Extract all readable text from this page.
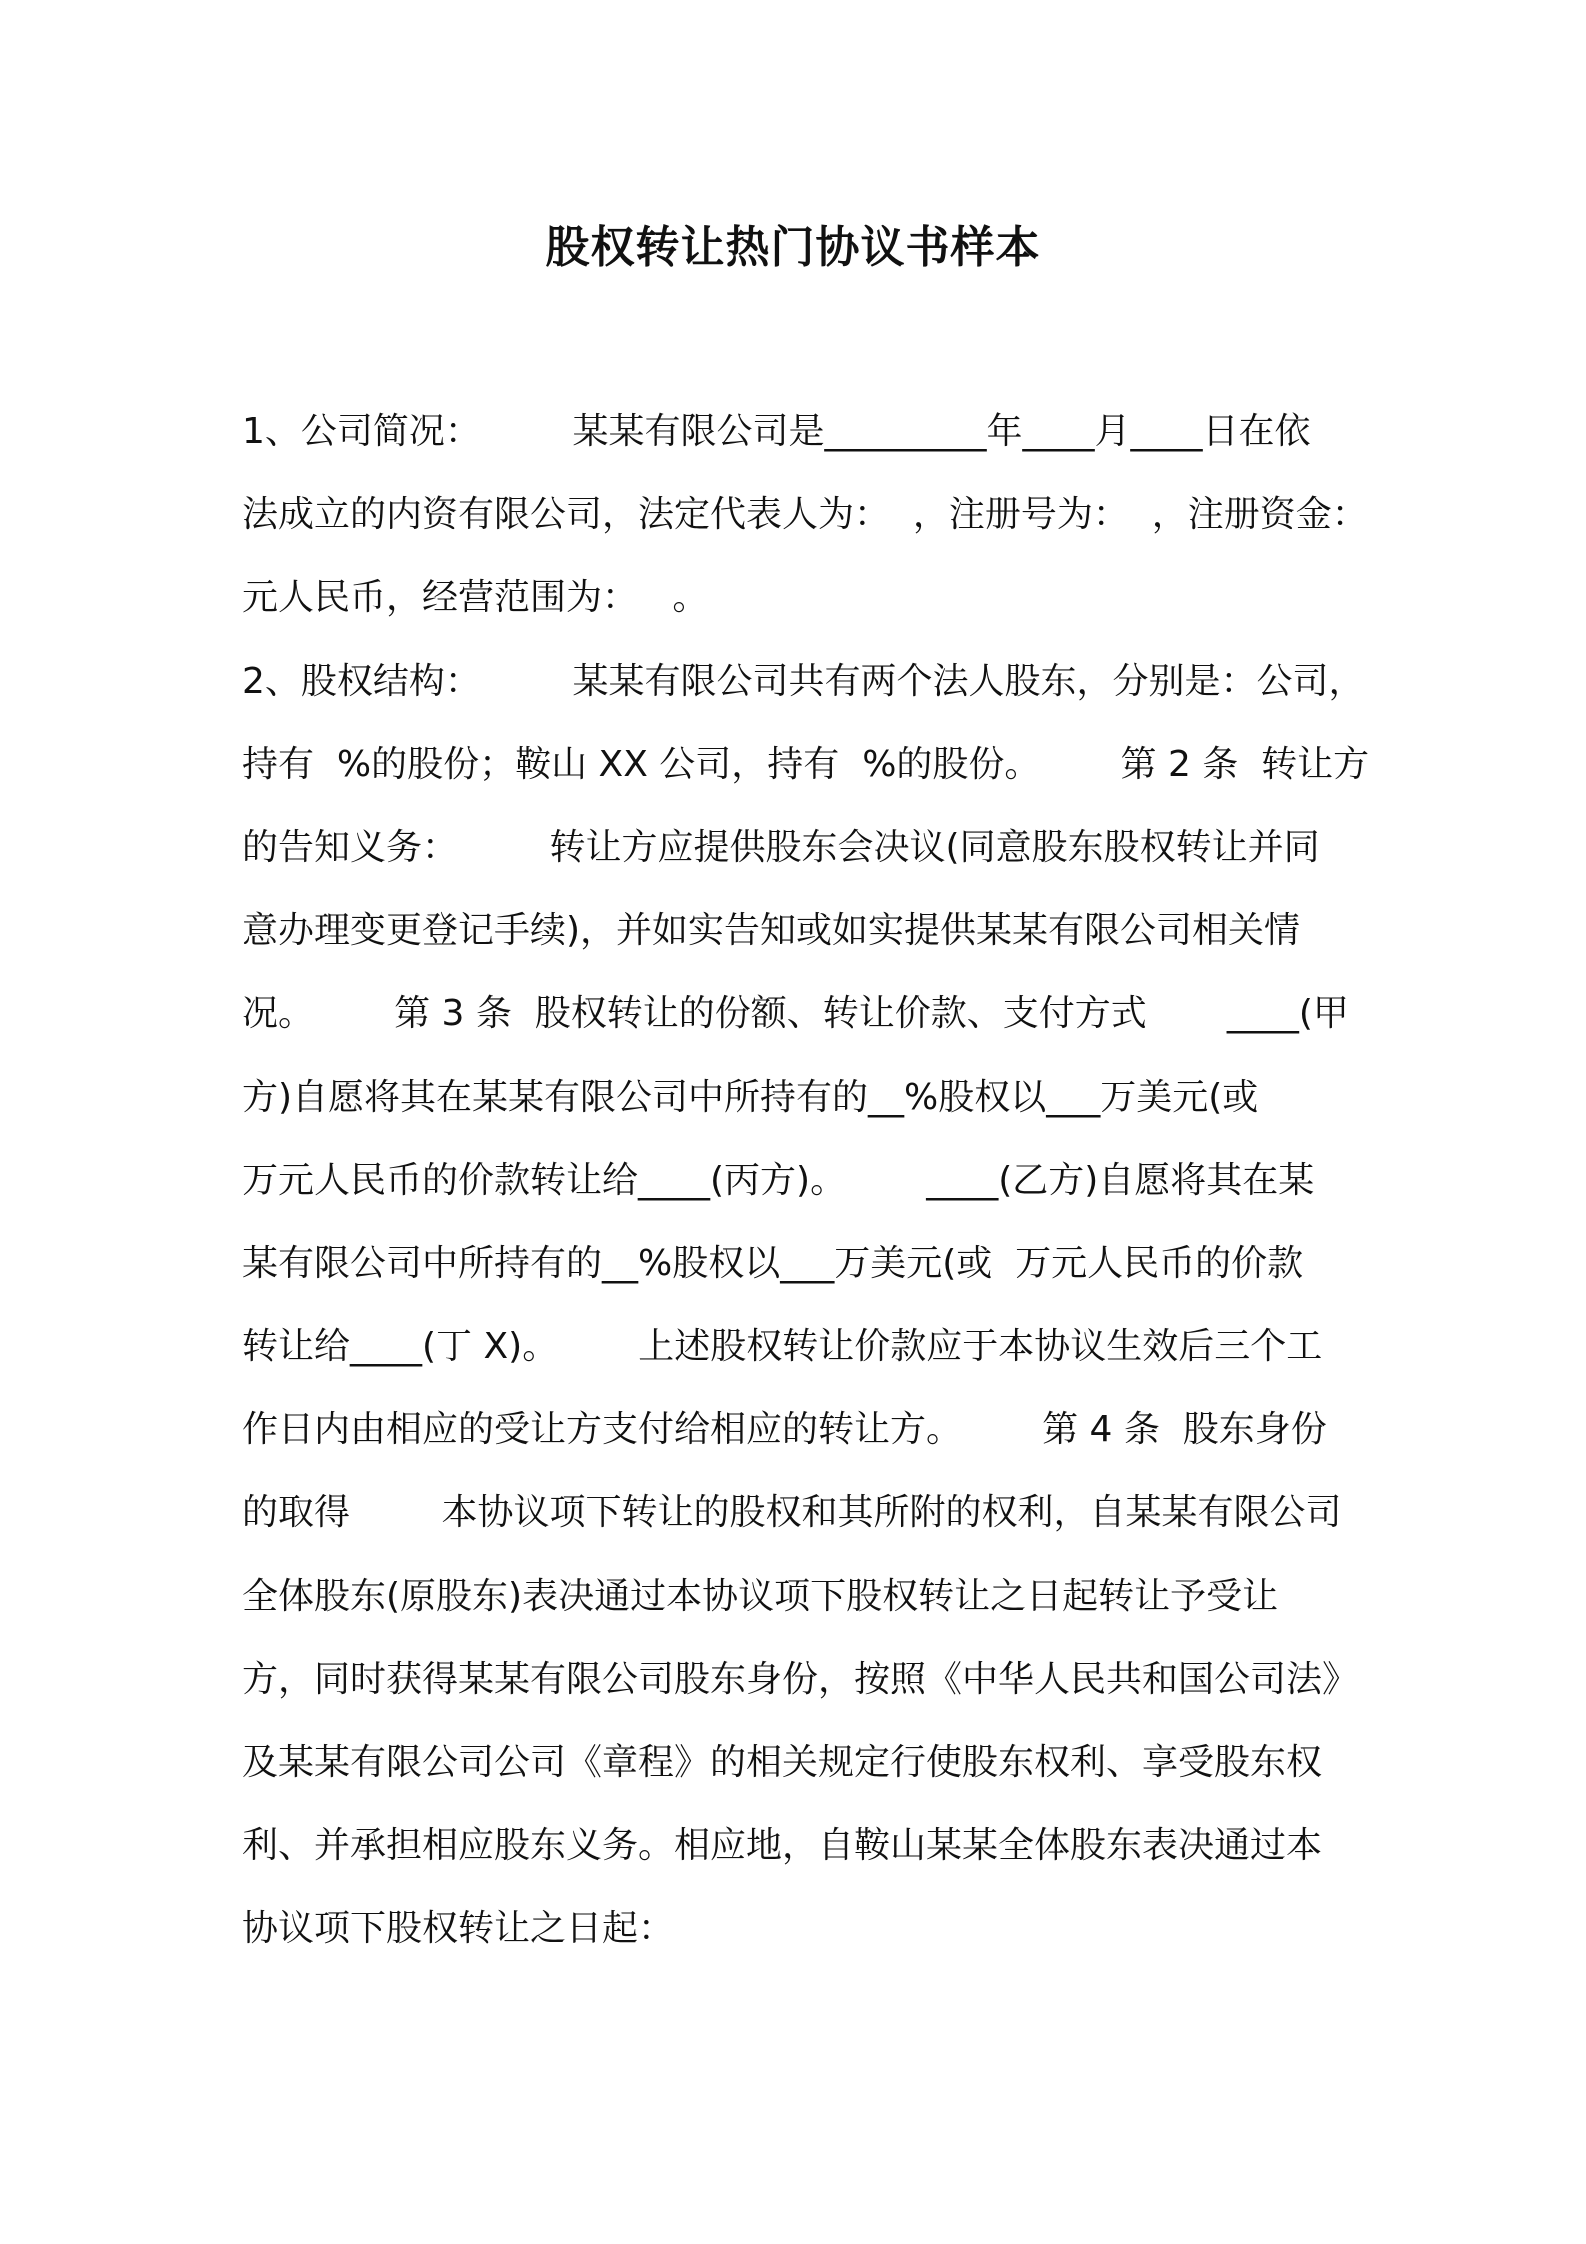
股权转让热门协议书样本
1、公司简况：        某某有限公司是_________年____月____日在依
法成立的内资有限公司，法定代表人为：  ，注册号为：  ，注册资金：
元人民币，经营范围为：   。
2、股权结构：        某某有限公司共有两个法人股东，分别是：公司，
持有  %的股份；鞍山 XX 公司，持有  %的股份。       第 2 条  转让方
的告知义务：        转让方应提供股东会决议(同意股东股权转让并同
意办理变更登记手续)，并如实告知或如实提供某某有限公司相关情
况。       第 3 条  股权转让的份额、转让价款、支付方式       ____(甲
方)自愿将其在某某有限公司中所持有的__%股权以___万美元(或
万元人民币的价款转让给____(丙方)。       ____(乙方)自愿将其在某
某有限公司中所持有的__%股权以___万美元(或  万元人民币的价款
转让给____(丁 X)。       上述股权转让价款应于本协议生效后三个工
作日内由相应的受让方支付给相应的转让方。       第 4 条  股东身份
的取得        本协议项下转让的股权和其所附的权利，自某某有限公司
全体股东(原股东)表决通过本协议项下股权转让之日起转让予受让
方，同时获得某某有限公司股东身份，按照《中华人民共和国公司法》
及某某有限公司公司《章程》的相关规定行使股东权利、享受股东权
利、并承担相应股东义务。相应地，自鞍山某某全体股东表决通过本
协议项下股权转让之日起：
